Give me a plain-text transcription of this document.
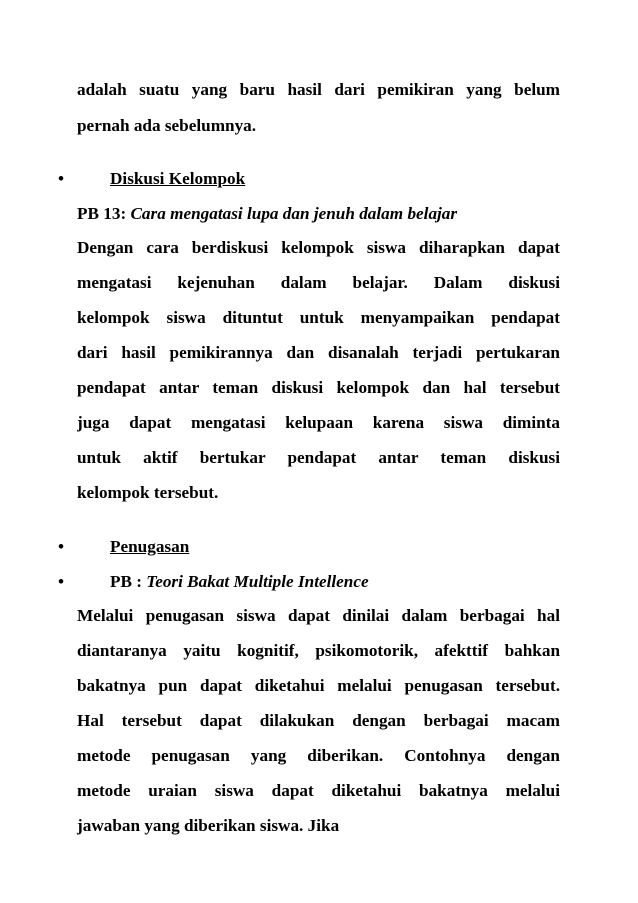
adalah suatu yang baru hasil dari pemikiran yang belum
pernah ada sebelumnya.
•	Diskusi Kelompok
PB 13: Cara mengatasi lupa dan jenuh dalam belajar
Dengan cara berdiskusi kelompok siswa diharapkan dapat
mengatasi kejenuhan dalam belajar. Dalam diskusi
kelompok siswa dituntut untuk menyampaikan pendapat
dari hasil pemikirannya dan disanalah terjadi pertukaran
pendapat antar teman diskusi kelompok dan hal tersebut
juga dapat mengatasi kelupaan karena siswa diminta
untuk aktif bertukar pendapat antar teman diskusi
kelompok tersebut.
•	Penugasan
•	PB : Teori Bakat Multiple Intellence
Melalui penugasan siswa dapat dinilai dalam berbagai hal
diantaranya yaitu kognitif, psikomotorik, afekttif bahkan
bakatnya pun dapat diketahui melalui penugasan tersebut.
Hal tersebut dapat dilakukan dengan berbagai macam
metode penugasan yang diberikan. Contohnya dengan
metode uraian siswa dapat diketahui bakatnya melalui
jawaban yang diberikan siswa. Jika
